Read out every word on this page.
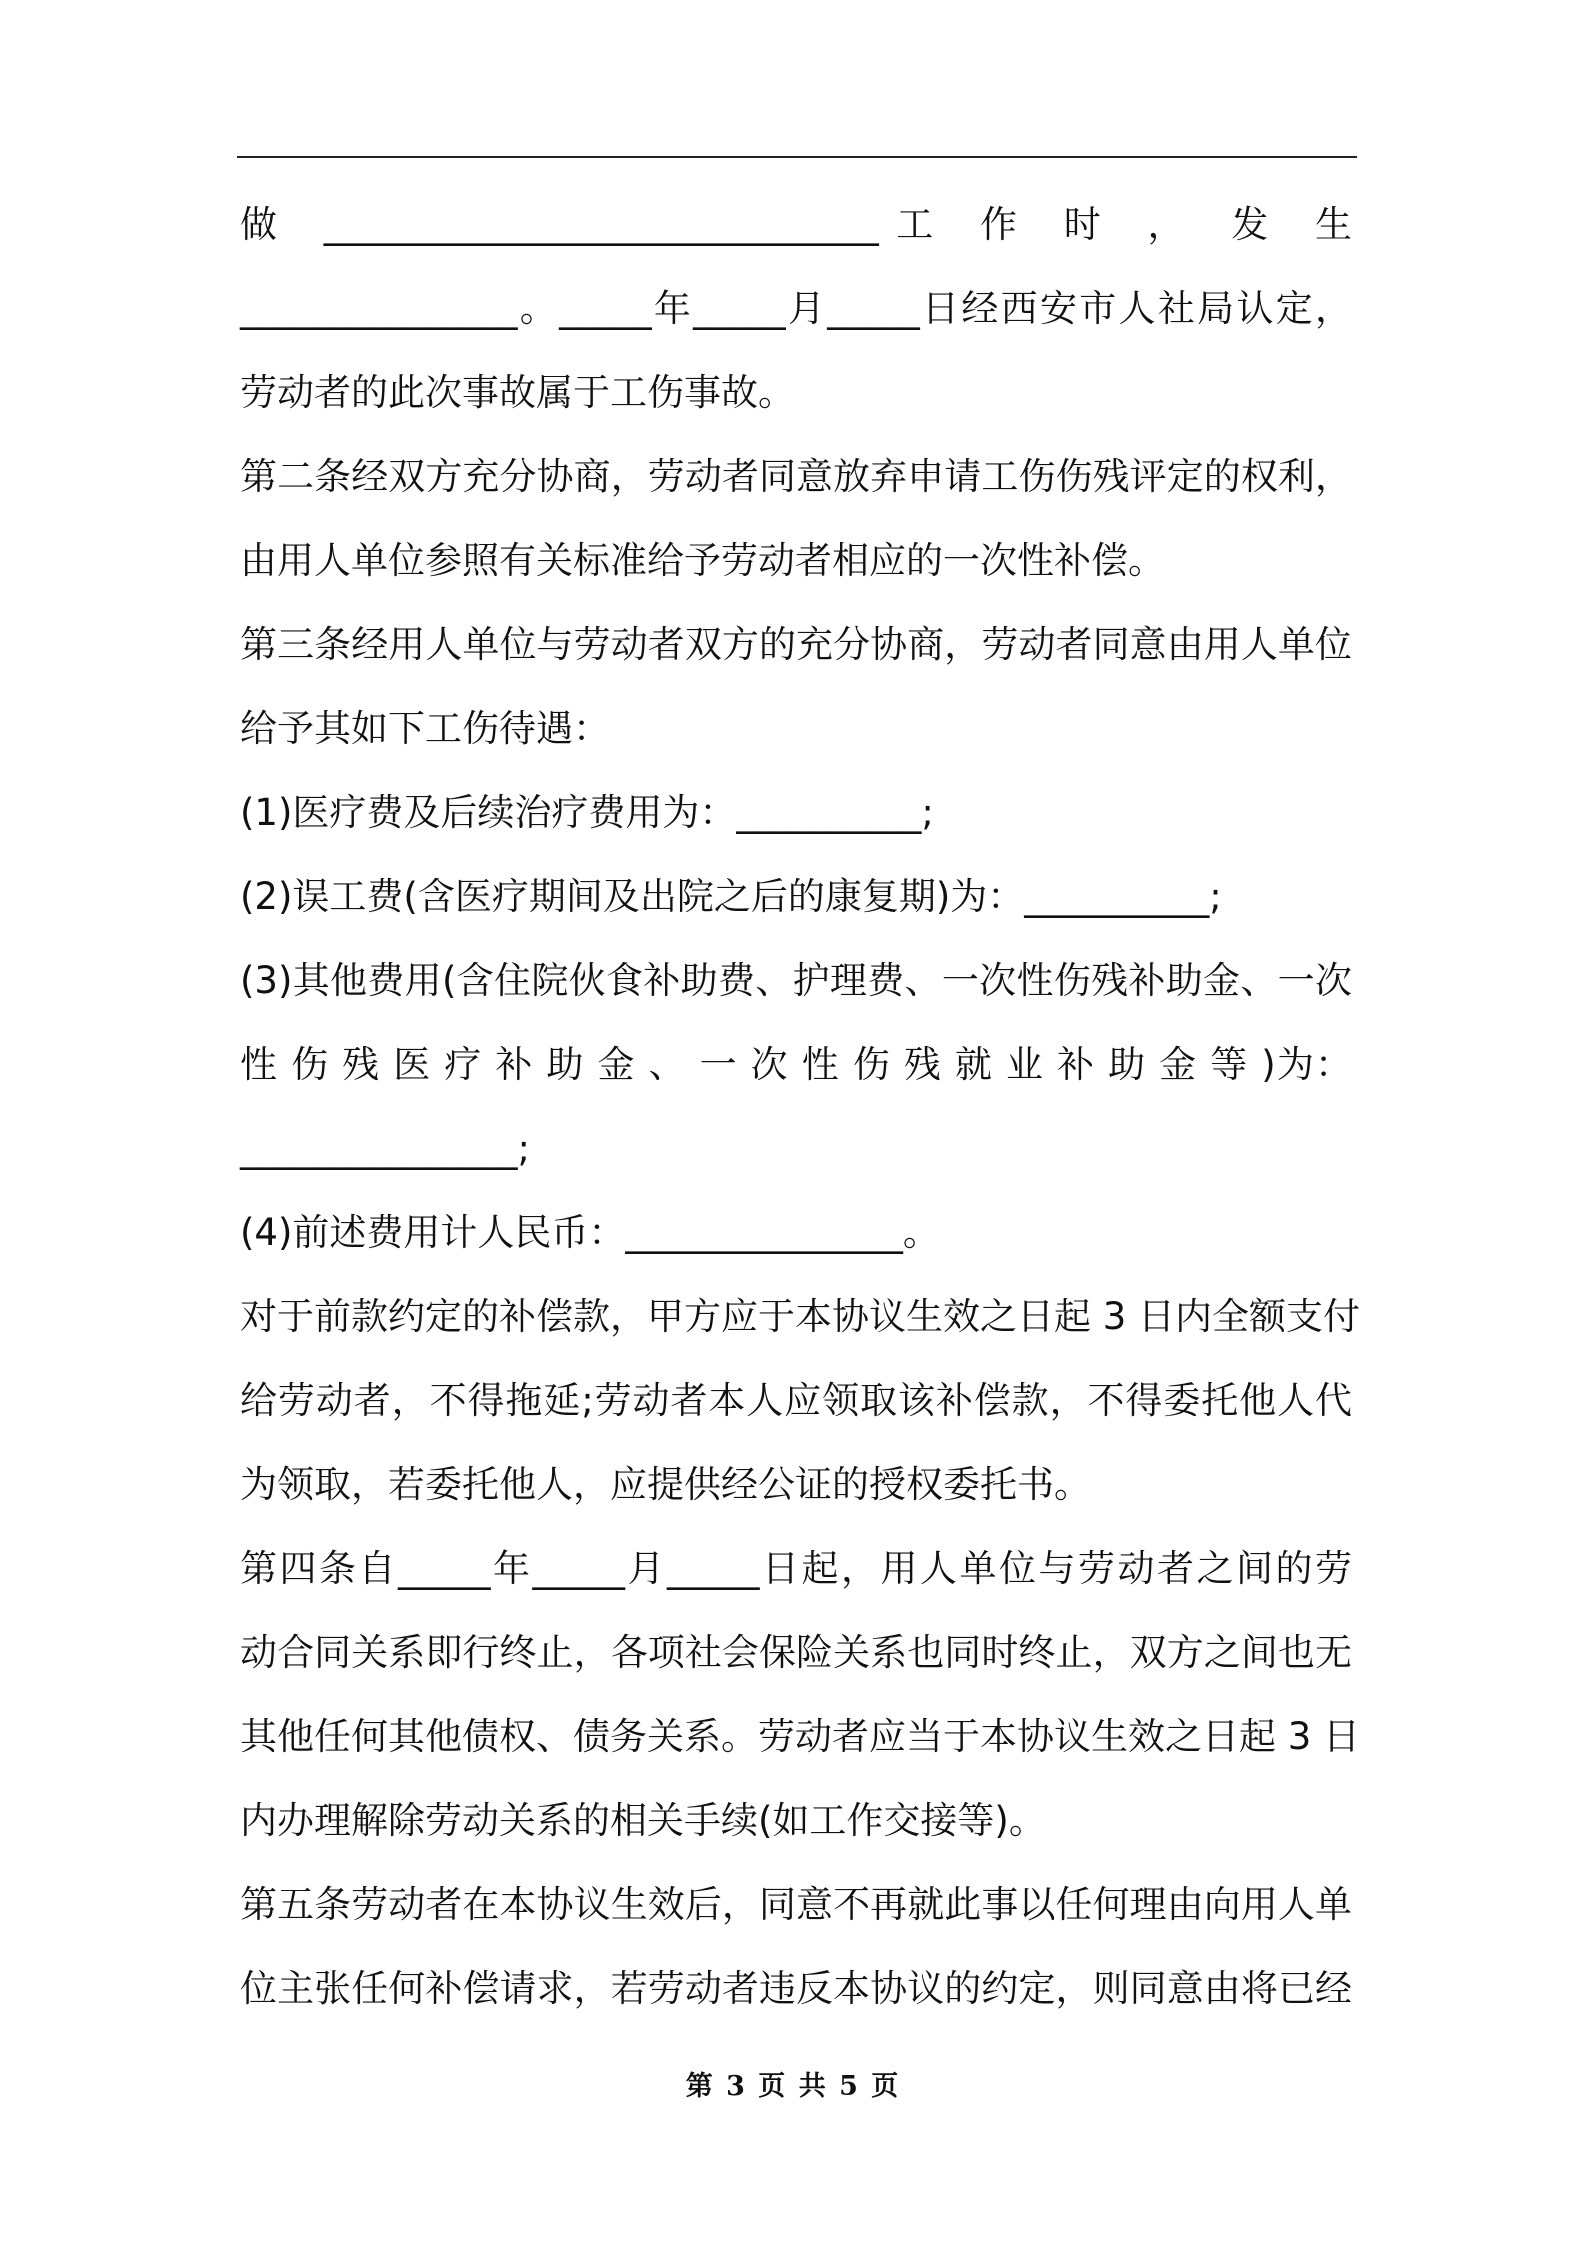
做 ______________________________工 作 时 ， 发 生
_______________。_____年_____月_____日经西安市人社局认定，
劳动者的此次事故属于工伤事故。
第二条经双方充分协商，劳动者同意放弃申请工伤伤残评定的权利，
由用人单位参照有关标准给予劳动者相应的一次性补偿。
第三条经用人单位与劳动者双方的充分协商，劳动者同意由用人单位
给予其如下工伤待遇：
(1)医疗费及后续治疗费用为：__________;
(2)误工费(含医疗期间及出院之后的康复期)为：__________;
(3)其他费用(含住院伙食补助费、护理费、一次性伤残补助金、一次
性 伤 残 医 疗 补 助 金 、 一 次 性 伤 残 就 业 补 助 金 等 )为：
_______________;
(4)前述费用计人民币：_______________。
对于前款约定的补偿款，甲方应于本协议生效之日起 3 日内全额支付
给劳动者，不得拖延;劳动者本人应领取该补偿款，不得委托他人代
为领取，若委托他人，应提供经公证的授权委托书。
第四条自_____年_____月_____日起，用人单位与劳动者之间的劳
动合同关系即行终止，各项社会保险关系也同时终止，双方之间也无
其他任何其他债权、债务关系。劳动者应当于本协议生效之日起 3 日
内办理解除劳动关系的相关手续(如工作交接等)。
第五条劳动者在本协议生效后，同意不再就此事以任何理由向用人单
位主张任何补偿请求，若劳动者违反本协议的约定，则同意由将已经
第 3 页 共 5 页
